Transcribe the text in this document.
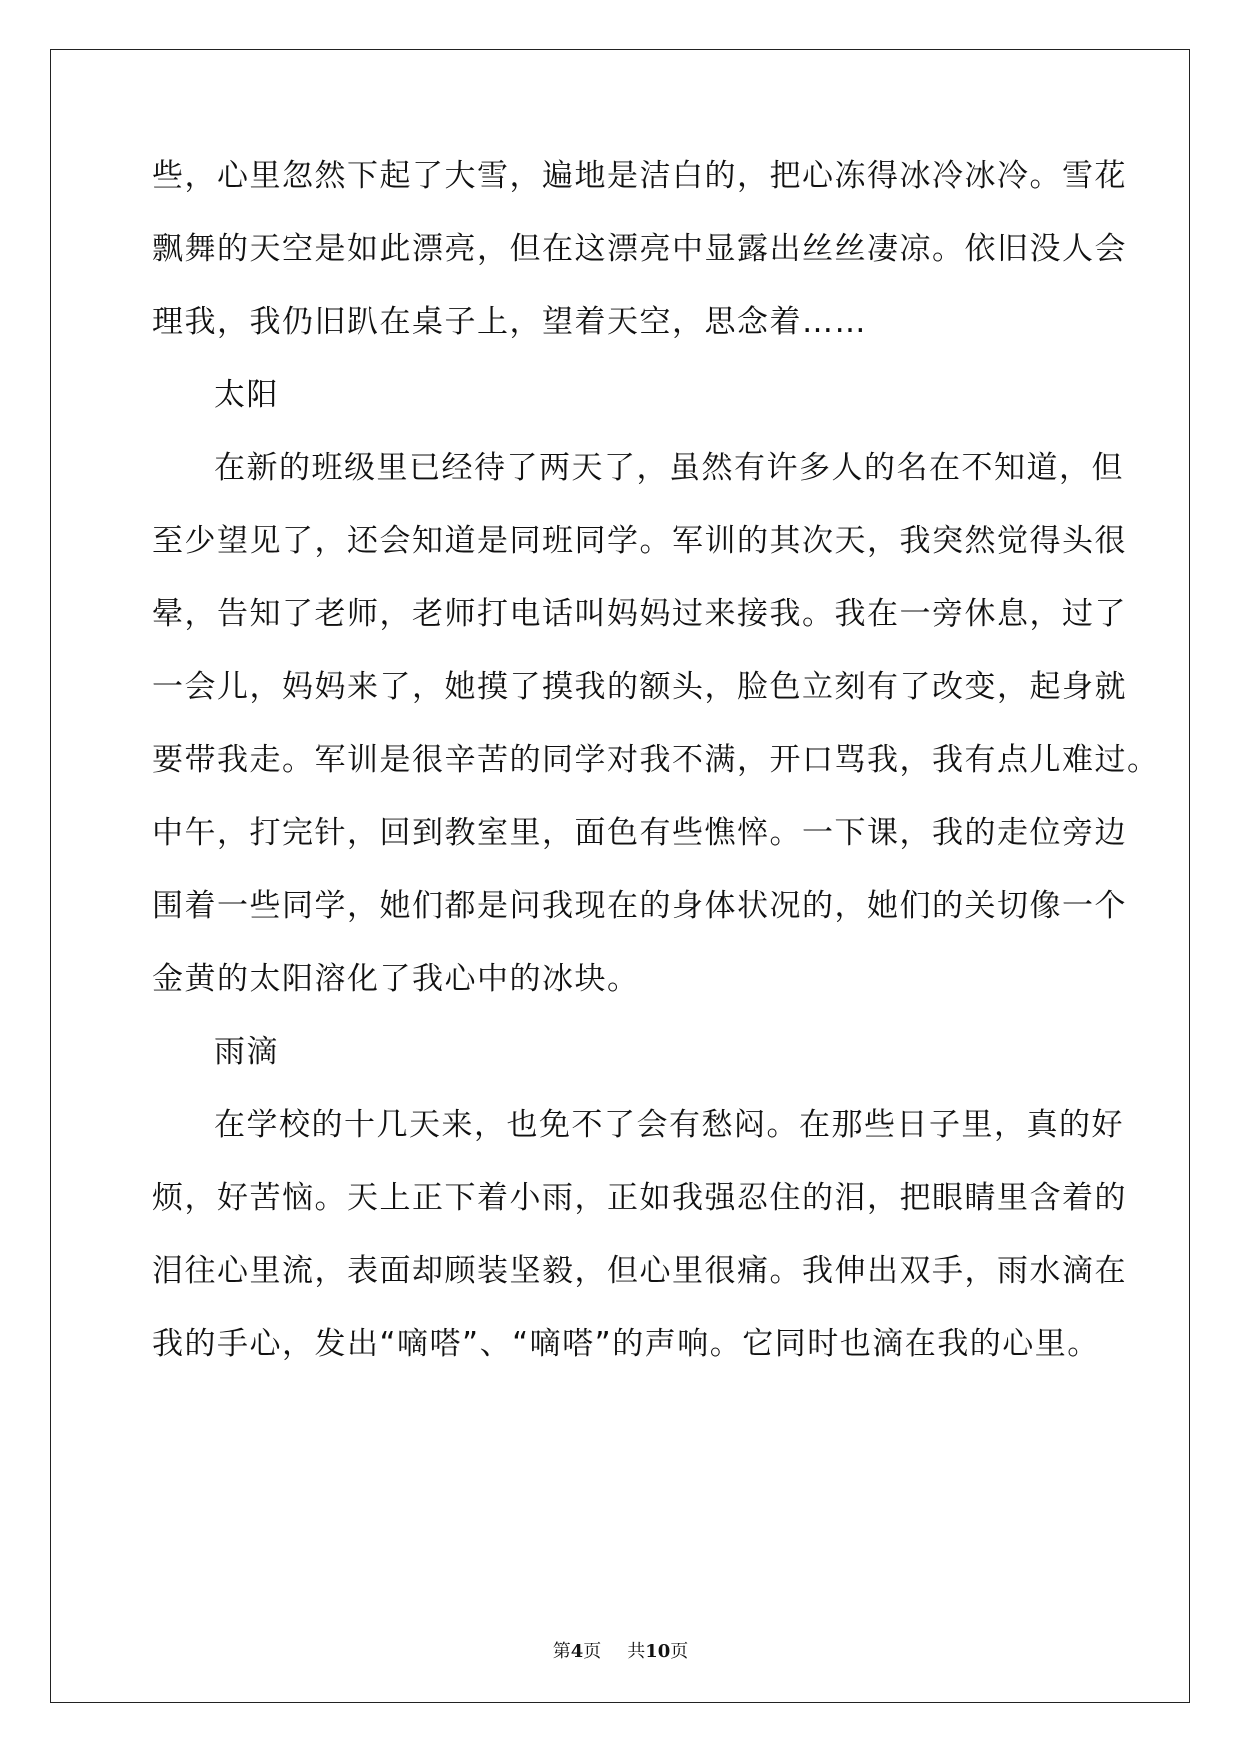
些，心里忽然下起了大雪，遍地是洁白的，把心冻得冰冷冰冷。雪花
飘舞的天空是如此漂亮，但在这漂亮中显露出丝丝凄凉。依旧没人会
理我，我仍旧趴在桌子上，望着天空，思念着……
太阳
在新的班级里已经待了两天了，虽然有许多人的名在不知道，但
至少望见了，还会知道是同班同学。军训的其次天，我突然觉得头很
晕，告知了老师，老师打电话叫妈妈过来接我。我在一旁休息，过了
一会儿，妈妈来了，她摸了摸我的额头，脸色立刻有了改变，起身就
要带我走。军训是很辛苦的同学对我不满，开口骂我，我有点儿难过。
中午，打完针，回到教室里，面色有些憔悴。一下课，我的走位旁边
围着一些同学，她们都是问我现在的身体状况的，她们的关切像一个
金黄的太阳溶化了我心中的冰块。
雨滴
在学校的十几天来，也免不了会有愁闷。在那些日子里，真的好
烦，好苦恼。天上正下着小雨，正如我强忍住的泪，把眼睛里含着的
泪往心里流，表面却顾装坚毅，但心里很痛。我伸出双手，雨水滴在
我的手心，发出“嘀嗒”、“嘀嗒”的声响。它同时也滴在我的心里。
第4页 共10页
